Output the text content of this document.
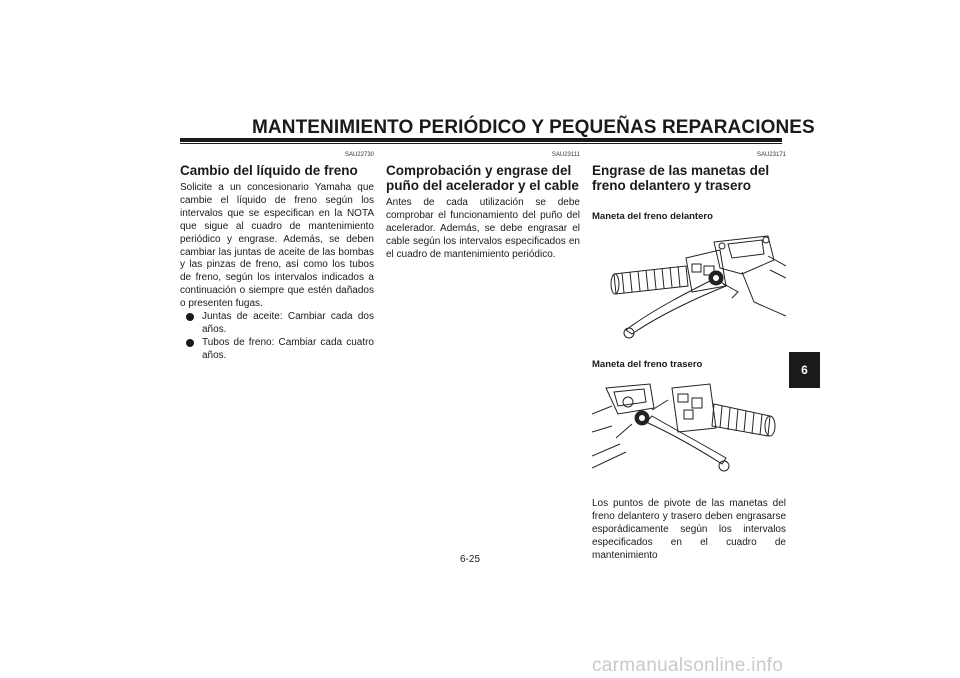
MANTENIMIENTO PERIÓDICO Y PEQUEÑAS REPARACIONES
SAU22730
Cambio del líquido de freno

Solicite a un concesionario Yamaha que cambie el líquido de freno según los intervalos que se especifican en la NOTA que sigue al cuadro de mantenimiento periódico y engrase. Además, se deben cambiar las juntas de aceite de las bombas y las pinzas de freno, así como los tubos de freno, según los intervalos indicados a continuación o siempre que estén dañados o presenten fugas.

Juntas de aceite: Cambiar cada dos años.
Tubos de freno: Cambiar cada cuatro años.
SAU23111
Comprobación y engrase del puño del acelerador y el cable

Antes de cada utilización se debe comprobar el funcionamiento del puño del acelerador. Además, se debe engrasar el cable según los intervalos especificados en el cuadro de mantenimiento periódico.

SAU23171
Engrase de las manetas del freno delantero y trasero
Maneta del freno delantero
Maneta del freno trasero

Los puntos de pivote de las manetas del freno delantero y trasero deben engrasarse esporádicamente según los intervalos especificados en el cuadro de mantenimiento

6
6-25
carmanualsonline.info
